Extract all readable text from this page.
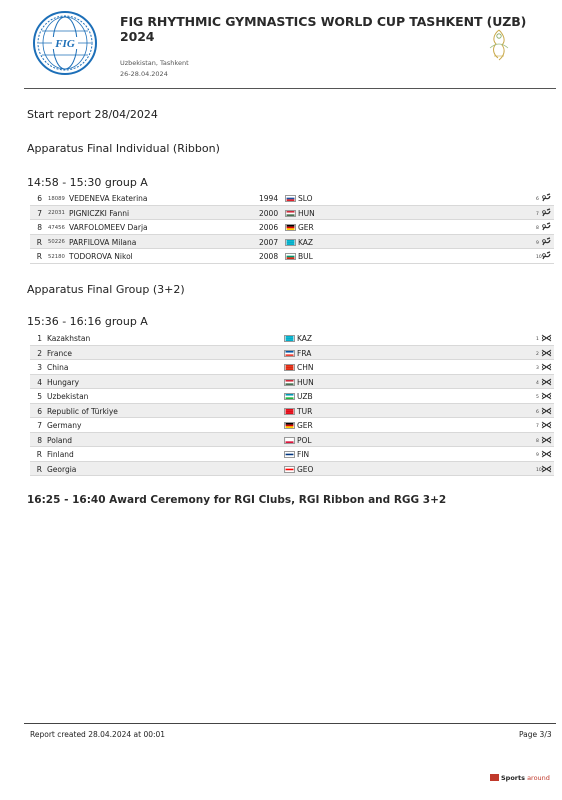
FIG
FIG RHYTHMIC GYMNASTICS WORLD CUP TASHKENT (UZB) 2024
Uzbekistan, Tashkent
26-28.04.2024
Start report 28/04/2024
Apparatus Final Individual (Ribbon)
14:58 - 15:30 group A
6 18089 VEDENEVA Ekaterina	1994	SLO	6
7 22031 PIGNICZKI Fanni	2000	HUN	7
8 47456 VARFOLOMEEV Darja	2006	GER	8
R 50226 PARFILOVA Milana	2007	KAZ	9
R 52180 TODOROVA Nikol	2008	BUL	10
Apparatus Final Group (3+2)
15:36 - 16:16 group A
1 Kazakhstan	KAZ	1
2 France	FRA	2
3 China	CHN	3
4 Hungary	HUN	4
5 Uzbekistan	UZB	5
6 Republic of Türkiye	TUR	6
7 Germany	GER	7
8 Poland	POL	8
R Finland	FIN	9
R Georgia	GEO	10
16:25 - 16:40 Award Ceremony for RGI Clubs, RGI Ribbon and RGG 3+2
Report created 28.04.2024 at 00:01	Page 3/3
Sports around
